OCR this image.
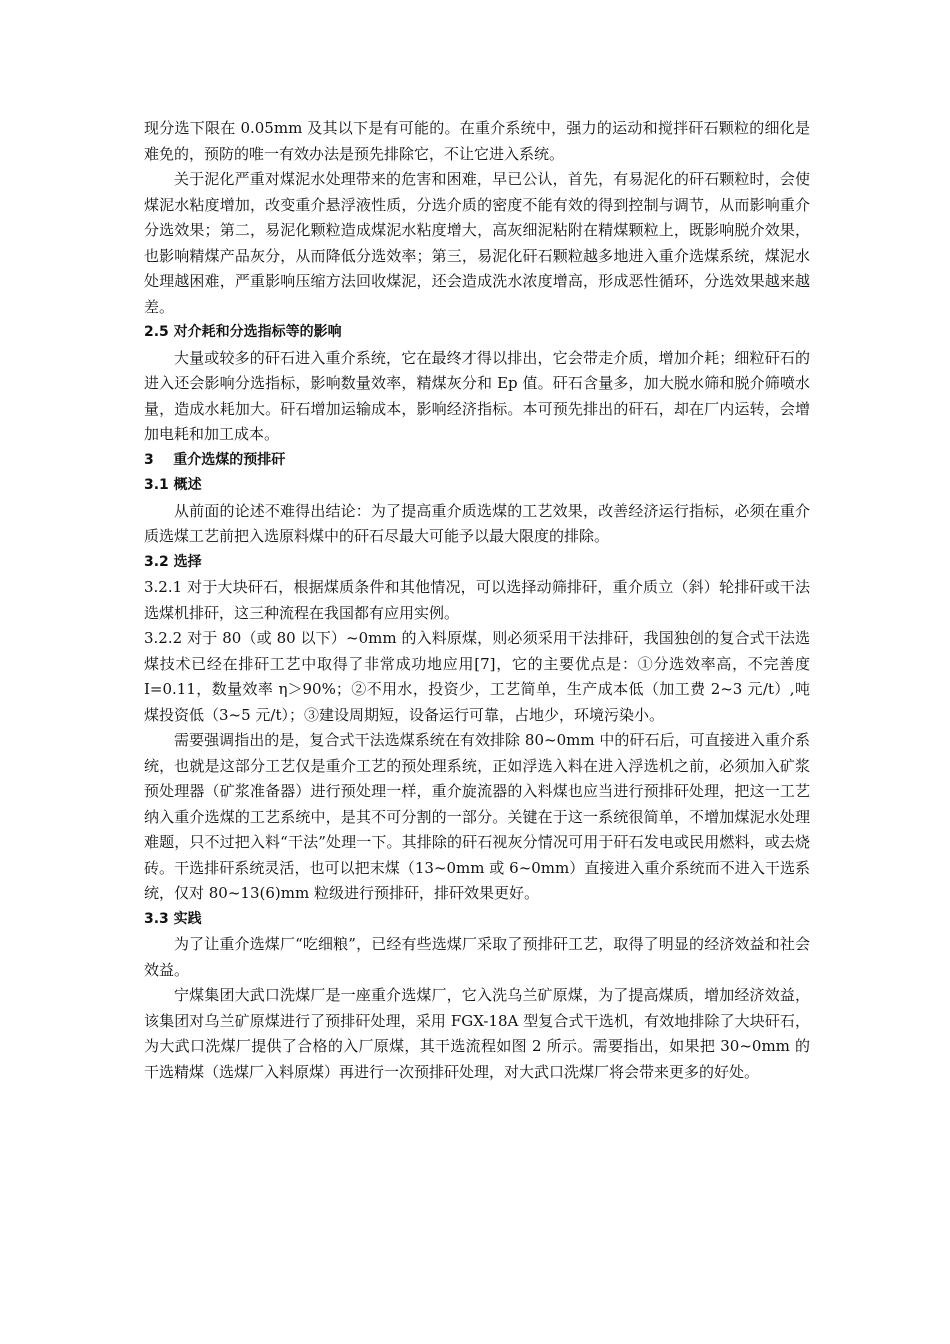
现分选下限在 0.05mm 及其以下是有可能的。在重介系统中，强力的运动和搅拌矸石颗粒的细化是难免的，预防的唯一有效办法是预先排除它，不让它进入系统。

关于泥化严重对煤泥水处理带来的危害和困难，早已公认，首先，有易泥化的矸石颗粒时，会使煤泥水粘度增加，改变重介悬浮液性质，分选介质的密度不能有效的得到控制与调节，从而影响重介分选效果；第二，易泥化颗粒造成煤泥水粘度增大，高灰细泥粘附在精煤颗粒上，既影响脱介效果，也影响精煤产品灰分，从而降低分选效率；第三，易泥化矸石颗粒越多地进入重介选煤系统，煤泥水处理越困难，严重影响压缩方法回收煤泥，还会造成洗水浓度增高，形成恶性循环，分选效果越来越差。

2.5 对介耗和分选指标等的影响

大量或较多的矸石进入重介系统，它在最终才得以排出，它会带走介质，增加介耗；细粒矸石的进入还会影响分选指标，影响数量效率，精煤灰分和 Ep 值。矸石含量多，加大脱水筛和脱介筛喷水量，造成水耗加大。矸石增加运输成本，影响经济指标。本可预先排出的矸石，却在厂内运转，会增加电耗和加工成本。

3    重介选煤的预排矸

3.1 概述

从前面的论述不难得出结论：为了提高重介质选煤的工艺效果，改善经济运行指标，必须在重介质选煤工艺前把入选原料煤中的矸石尽最大可能予以最大限度的排除。

3.2 选择

3.2.1 对于大块矸石，根据煤质条件和其他情况，可以选择动筛排矸，重介质立（斜）轮排矸或干法选煤机排矸，这三种流程在我国都有应用实例。

3.2.2 对于 80（或 80 以下）~0mm 的入料原煤，则必须采用干法排矸，我国独创的复合式干法选煤技术已经在排矸工艺中取得了非常成功地应用[7]，它的主要优点是：①分选效率高，不完善度 I=0.11，数量效率 η＞90%；②不用水，投资少，工艺简单，生产成本低（加工费 2~3 元/t）,吨煤投资低（3~5 元/t）；③建设周期短，设备运行可靠，占地少，环境污染小。

需要强调指出的是，复合式干法选煤系统在有效排除 80~0mm 中的矸石后，可直接进入重介系统，也就是这部分工艺仅是重介工艺的预处理系统，正如浮选入料在进入浮选机之前，必须加入矿浆预处理器（矿浆准备器）进行预处理一样，重介旋流器的入料煤也应当进行预排矸处理，把这一工艺纳入重介选煤的工艺系统中，是其不可分割的一部分。关键在于这一系统很简单，不增加煤泥水处理难题，只不过把入料“干法”处理一下。其排除的矸石视灰分情况可用于矸石发电或民用燃料，或去烧砖。干选排矸系统灵活，也可以把末煤（13~0mm 或 6~0mm）直接进入重介系统而不进入干选系统，仅对 80~13(6)mm 粒级进行预排矸，排矸效果更好。

3.3 实践

为了让重介选煤厂“吃细粮”，已经有些选煤厂采取了预排矸工艺，取得了明显的经济效益和社会效益。

宁煤集团大武口洗煤厂是一座重介选煤厂，它入洗乌兰矿原煤，为了提高煤质，增加经济效益，该集团对乌兰矿原煤进行了预排矸处理，采用 FGX-18A 型复合式干选机，有效地排除了大块矸石，为大武口洗煤厂提供了合格的入厂原煤，其干选流程如图 2 所示。需要指出，如果把 30~0mm 的干选精煤（选煤厂入料原煤）再进行一次预排矸处理，对大武口洗煤厂将会带来更多的好处。
